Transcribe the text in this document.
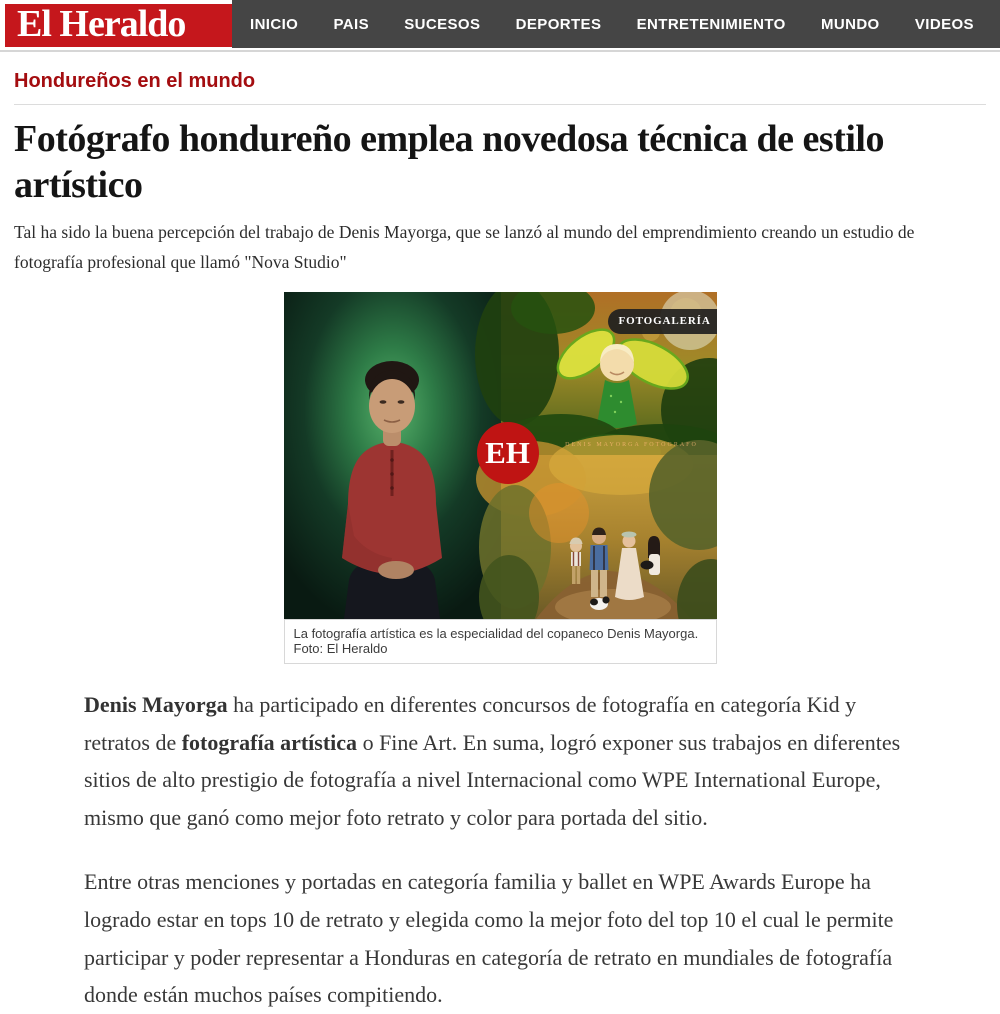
INICIO PAIS SUCESOS DEPORTES ENTRETENIMIENTO MUNDO VIDEOS
El Heraldo
Hondureños en el mundo
Fotógrafo hondureño emplea novedosa técnica de estilo artístico

Tal ha sido la buena percepción del trabajo de Denis Mayorga, que se lanzó al mundo del emprendimiento creando un estudio de fotografía profesional que llamó "Nova Studio"

FOTOGALERÍA
EH	DENIS MAYORGA FOTOGRAFO
La fotografía artística es la especialidad del copaneco Denis Mayorga. Foto: El Heraldo

Denis Mayorga ha participado en diferentes concursos de fotografía en categoría Kid y retratos de fotografía artística o Fine Art. En suma, logró exponer sus trabajos en diferentes sitios de alto prestigio de fotografía a nivel Internacional como WPE International Europe, mismo que ganó como mejor foto retrato y color para portada del sitio.

Entre otras menciones y portadas en categoría familia y ballet en WPE Awards Europe ha logrado estar en tops 10 de retrato y elegida como la mejor foto del top 10 el cual le permite participar y poder representar a Honduras en categoría de retrato en mundiales de fotografía donde están muchos países compitiendo.
